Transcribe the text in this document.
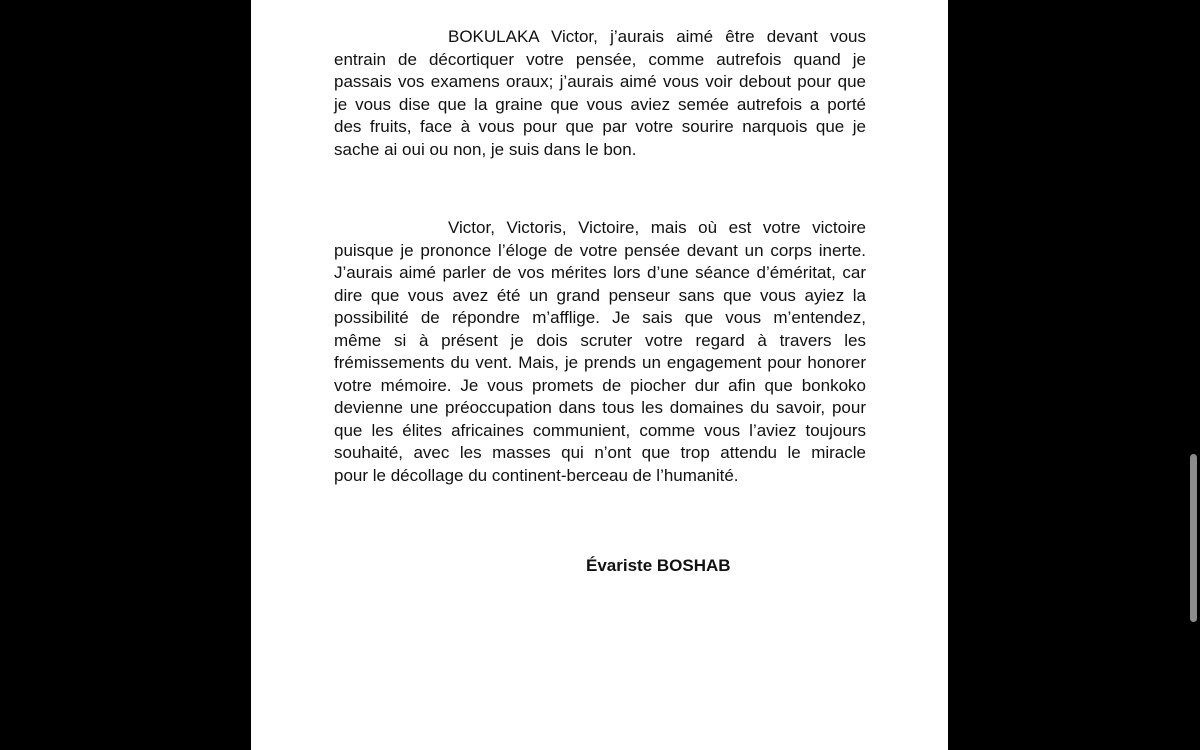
BOKULAKA Victor, j’aurais aimé être devant vous
entrain de décortiquer votre pensée, comme autrefois quand je
passais vos examens oraux; j’aurais aimé vous voir debout pour que
je vous dise que la graine que vous aviez semée autrefois a porté
des fruits, face à vous pour que par votre sourire narquois que je
sache ai oui ou non, je suis dans le bon.

Victor, Victoris, Victoire, mais où est votre victoire
puisque je prononce l’éloge de votre pensée devant un corps inerte.
J’aurais aimé parler de vos mérites lors d’une séance d’éméritat, car
dire que vous avez été un grand penseur sans que vous ayiez la
possibilité de répondre m’afflige. Je sais que vous m’entendez,
même si à présent je dois scruter votre regard à travers les
frémissements du vent. Mais, je prends un engagement pour honorer
votre mémoire. Je vous promets de piocher dur afin que bonkoko
devienne une préoccupation dans tous les domaines du savoir, pour
que les élites africaines communient, comme vous l’aviez toujours
souhaité, avec les masses qui n’ont que trop attendu le miracle
pour le décollage du continent-berceau de l’humanité.

Évariste BOSHAB
